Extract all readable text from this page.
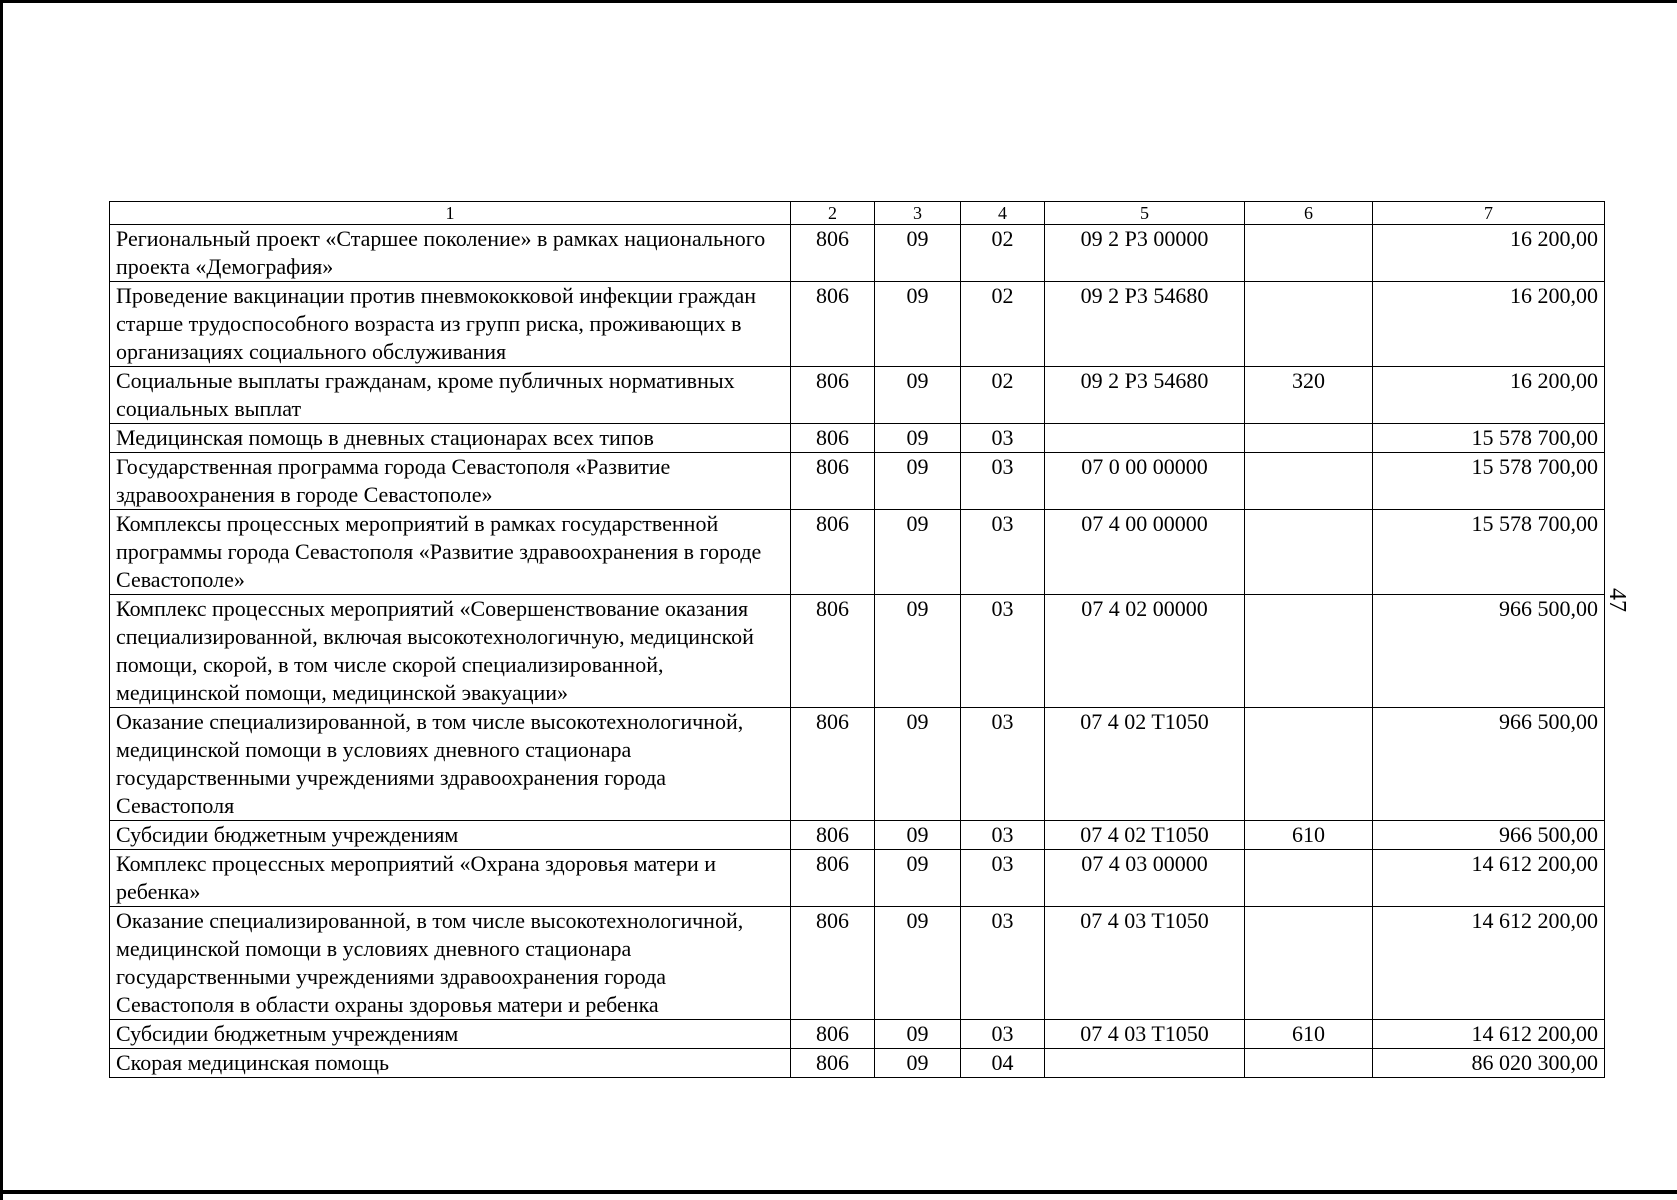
47
1	2	3	4	5	6	7
Региональный проект «Старшее поколение» в рамках национального проекта «Демография»	806	09	02	09 2 P3 00000		16 200,00
Проведение вакцинации против пневмококковой инфекции граждан старше трудоспособного возраста из групп риска, проживающих в организациях социального обслуживания	806	09	02	09 2 P3 54680		16 200,00
Социальные выплаты гражданам, кроме публичных нормативных социальных выплат	806	09	02	09 2 P3 54680	320	16 200,00
Медицинская помощь в дневных стационарах всех типов	806	09	03			15 578 700,00
Государственная программа города Севастополя «Развитие здравоохранения в городе Севастополе»	806	09	03	07 0 00 00000		15 578 700,00
Комплексы процессных мероприятий в рамках государственной программы города Севастополя «Развитие здравоохранения в городе Севастополе»	806	09	03	07 4 00 00000		15 578 700,00
Комплекс процессных мероприятий «Совершенствование оказания специализированной, включая высокотехнологичную, медицинской помощи, скорой, в том числе скорой специализированной, медицинской помощи, медицинской эвакуации»	806	09	03	07 4 02 00000		966 500,00
Оказание специализированной, в том числе высокотехнологичной, медицинской помощи в условиях дневного стационара государственными учреждениями здравоохранения города Севастополя	806	09	03	07 4 02 T1050		966 500,00
Субсидии бюджетным учреждениям	806	09	03	07 4 02 T1050	610	966 500,00
Комплекс процессных мероприятий «Охрана здоровья матери и ребенка»	806	09	03	07 4 03 00000		14 612 200,00
Оказание специализированной, в том числе высокотехнологичной, медицинской помощи в условиях дневного стационара государственными учреждениями здравоохранения города Севастополя в области охраны здоровья матери и ребенка	806	09	03	07 4 03 T1050		14 612 200,00
Субсидии бюджетным учреждениям	806	09	03	07 4 03 T1050	610	14 612 200,00
Скорая медицинская помощь	806	09	04			86 020 300,00
